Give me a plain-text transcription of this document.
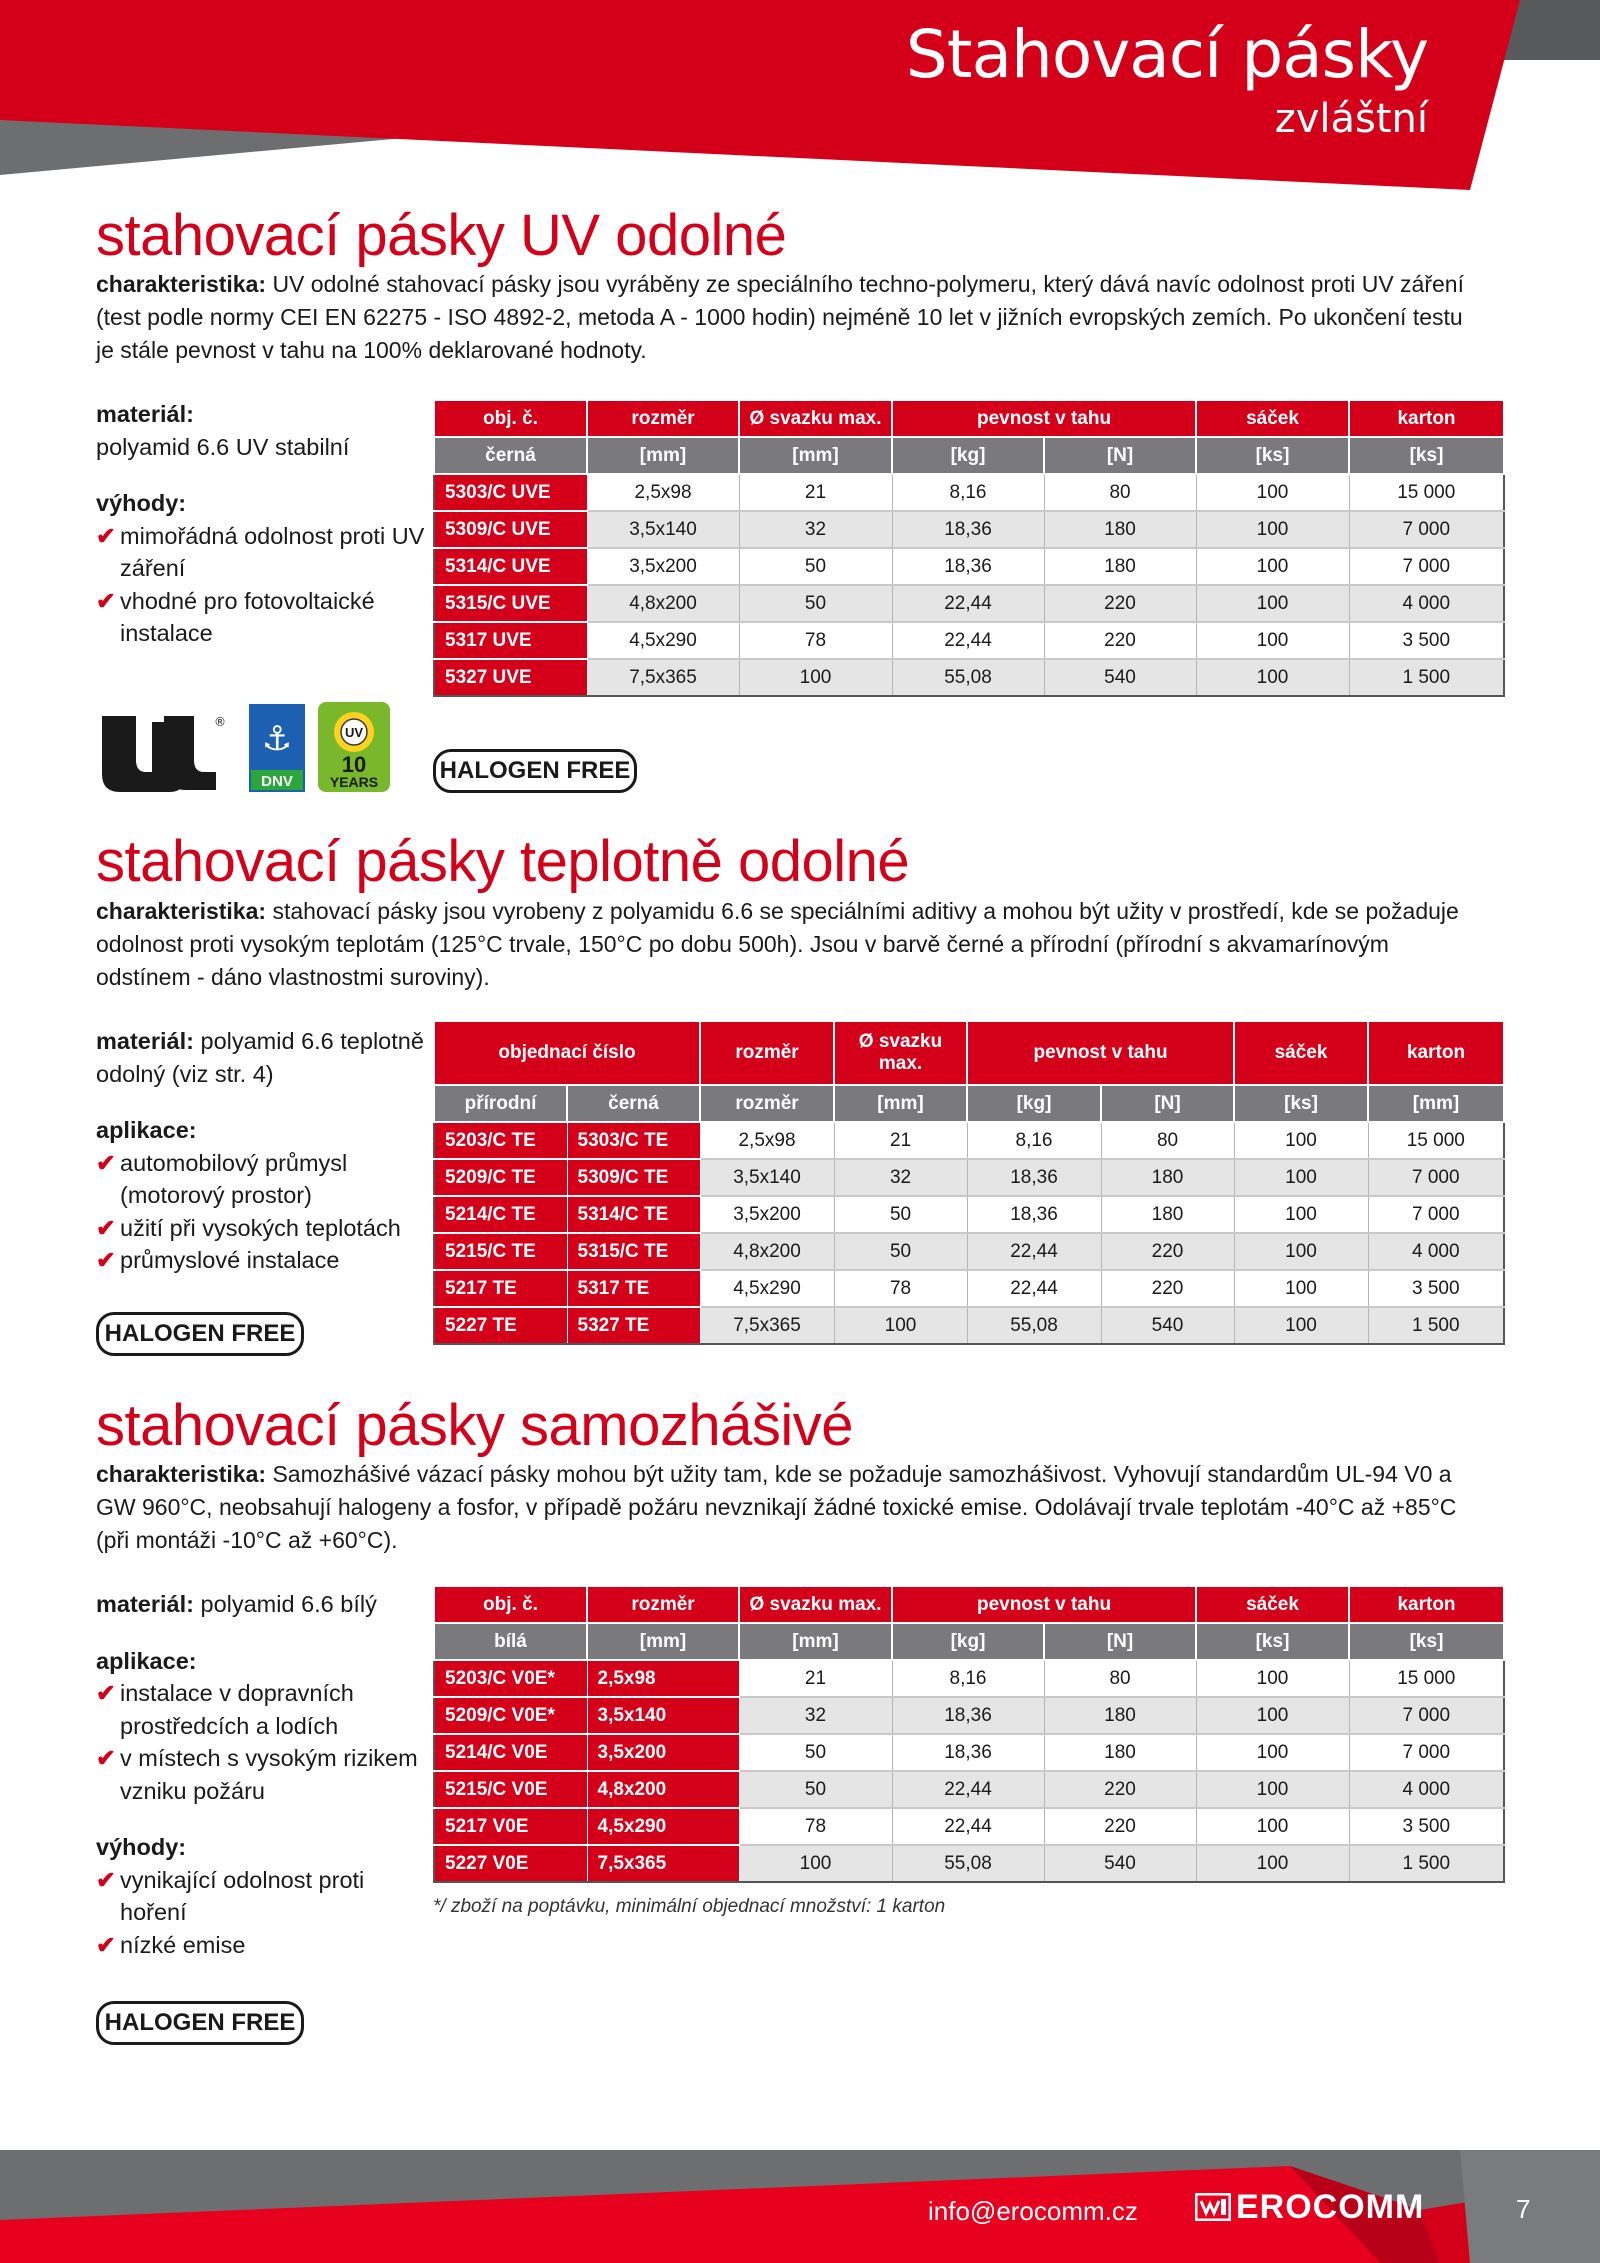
Stahovací pásky
zvláštní
stahovací pásky UV odolné
charakteristika: UV odolné stahovací pásky jsou vyráběny ze speciálního techno-polymeru, který dává navíc odolnost proti UV záření (test podle normy CEI EN 62275 - ISO 4892-2, metoda A - 1000 hodin) nejméně 10 let v jižních evropských zemích. Po ukončení testu je stále pevnost v tahu na 100% deklarované hodnoty.
materiál:
polyamid 6.6 UV stabilní
výhody:
✔ mimořádná odolnost proti UV záření
✔ vhodné pro fotovoltaické instalace
® ⚓
DNV
UV
10
YEARS	HALOGEN FREE
obj. č.	rozměr	Ø svazku max.	pevnost v tahu		sáček	karton
černá	[mm]	[mm]	[kg]	[N]	[ks]	[ks]
5303/C UVE	2,5x98	21	8,16	80	100	15 000
5309/C UVE	3,5x140	32	18,36	180	100	7 000
5314/C UVE	3,5x200	50	18,36	180	100	7 000
5315/C UVE	4,8x200	50	22,44	220	100	4 000
5317 UVE	4,5x290	78	22,44	220	100	3 500
5327 UVE	7,5x365	100	55,08	540	100	1 500
stahovací pásky teplotně odolné
charakteristika: stahovací pásky jsou vyrobeny z polyamidu 6.6 se speciálními aditivy a mohou být užity v prostředí, kde se požaduje odolnost proti vysokým teplotám (125°C trvale, 150°C po dobu 500h). Jsou v barvě černé a přírodní (přírodní s akvamarínovým odstínem - dáno vlastnostmi suroviny).
materiál: polyamid 6.6 teplotně odolný (viz str. 4)
aplikace:
✔ automobilový průmysl (motorový prostor)
✔ užití při vysokých teplotách
✔ průmyslové instalace
HALOGEN FREE
objednací číslo		rozměr	Ø svazku max.	pevnost v tahu		sáček	karton
přírodní	černá	rozměr	[mm]	[kg]	[N]	[ks]	[mm]
5203/C TE	5303/C TE	2,5x98	21	8,16	80	100	15 000
5209/C TE	5309/C TE	3,5x140	32	18,36	180	100	7 000
5214/C TE	5314/C TE	3,5x200	50	18,36	180	100	7 000
5215/C TE	5315/C TE	4,8x200	50	22,44	220	100	4 000
5217 TE	5317 TE	4,5x290	78	22,44	220	100	3 500
5227 TE	5327 TE	7,5x365	100	55,08	540	100	1 500
stahovací pásky samozhášivé
charakteristika: Samozhášivé vázací pásky mohou být užity tam, kde se požaduje samozhášivost. Vyhovují standardům UL-94 V0 a GW 960°C, neobsahují halogeny a fosfor, v případě požáru nevznikají žádné toxické emise. Odolávají trvale teplotám -40°C až +85°C (při montáži -10°C až +60°C).
materiál: polyamid 6.6 bílý
aplikace:
✔ instalace v dopravních prostředcích a lodích
✔ v místech s vysokým rizikem vzniku požáru
výhody:
✔ vynikající odolnost proti hoření
✔ nízké emise
HALOGEN FREE
obj. č.	rozměr	Ø svazku max.	pevnost v tahu		sáček	karton
bílá	[mm]	[mm]	[kg]	[N]	[ks]	[ks]
5203/C V0E*	2,5x98	21	8,16	80	100	15 000
5209/C V0E*	3,5x140	32	18,36	180	100	7 000
5214/C V0E	3,5x200	50	18,36	180	100	7 000
5215/C V0E	4,8x200	50	22,44	220	100	4 000
5217 V0E	4,5x290	78	22,44	220	100	3 500
5227 V0E	7,5x365	100	55,08	540	100	1 500
*/ zboží na poptávku, minimální objednací množství: 1 karton
info@erocomm.cz	EROCOMM	7
